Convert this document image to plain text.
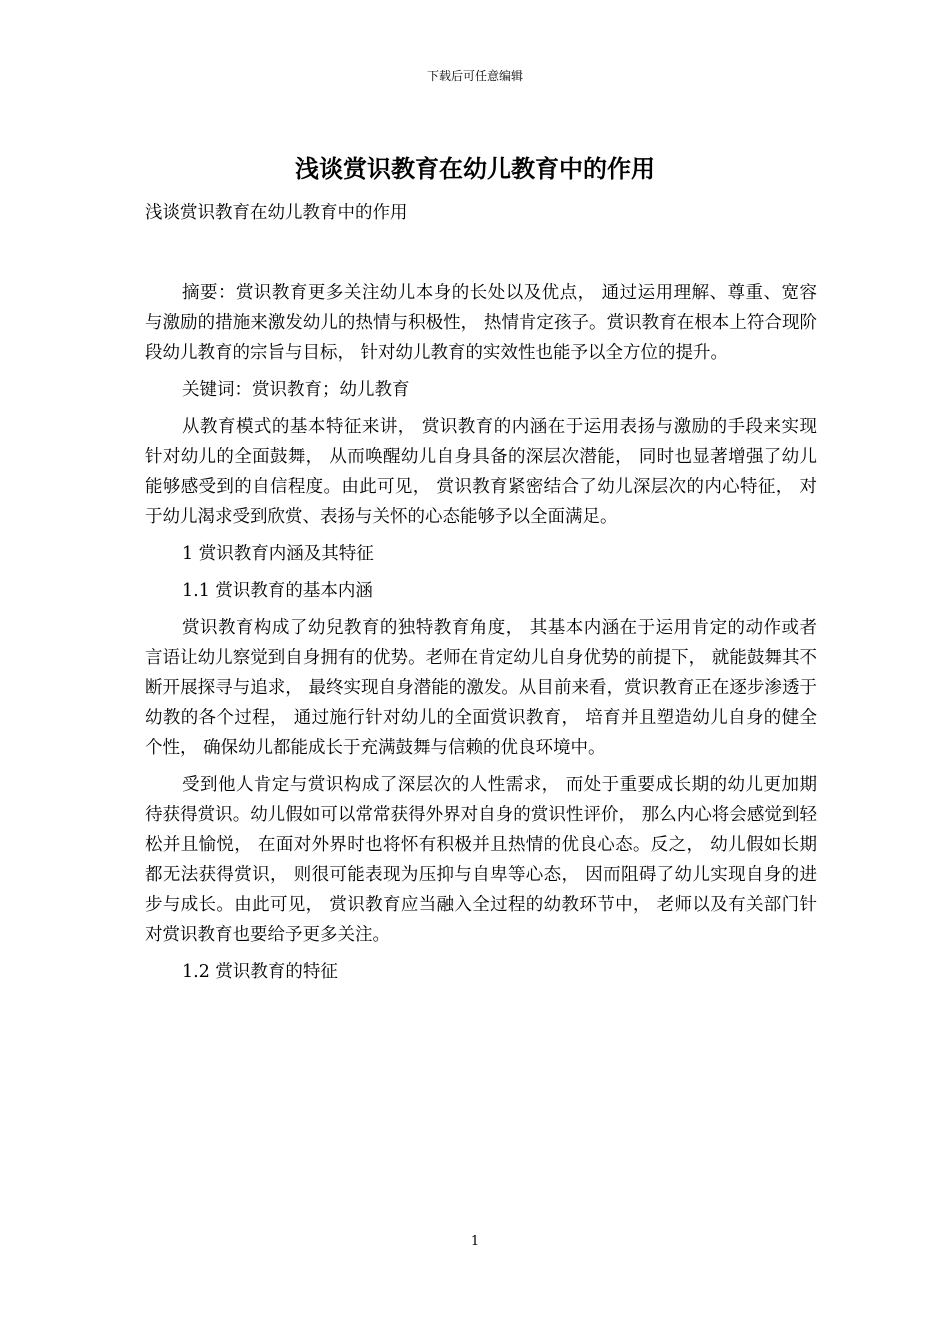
下载后可任意编辑
浅谈赏识教育在幼儿教育中的作用

浅谈赏识教育在幼儿教育中的作用

摘要：赏识教育更多关注幼儿本身的长处以及优点， 通过运用理解、尊重、宽容与激励的措施来激发幼儿的热情与积极性， 热情肯定孩子。赏识教育在根本上符合现阶段幼儿教育的宗旨与目标， 针对幼儿教育的实效性也能予以全方位的提升。

关键词：赏识教育；幼儿教育

从教育模式的基本特征来讲， 赏识教育的内涵在于运用表扬与激励的手段来实现针对幼儿的全面鼓舞， 从而唤醒幼儿自身具备的深层次潜能， 同时也显著增强了幼儿能够感受到的自信程度。由此可见， 赏识教育紧密结合了幼儿深层次的内心特征， 对于幼儿渴求受到欣赏、表扬与关怀的心态能够予以全面满足。

1 赏识教育内涵及其特征

1.1 赏识教育的基本内涵

赏识教育构成了幼兒教育的独特教育角度， 其基本内涵在于运用肯定的动作或者言语让幼儿察觉到自身拥有的优势。老师在肯定幼儿自身优势的前提下， 就能鼓舞其不断开展探寻与追求， 最终实现自身潜能的激发。从目前来看，赏识教育正在逐步渗透于幼教的各个过程， 通过施行针对幼儿的全面赏识教育， 培育并且塑造幼儿自身的健全个性， 确保幼儿都能成长于充满鼓舞与信赖的优良环境中。

受到他人肯定与赏识构成了深层次的人性需求， 而处于重要成长期的幼儿更加期待获得赏识。幼儿假如可以常常获得外界对自身的赏识性评价， 那么内心将会感觉到轻松并且愉悦， 在面对外界时也将怀有积极并且热情的优良心态。反之， 幼儿假如长期都无法获得赏识， 则很可能表现为压抑与自卑等心态， 因而阻碍了幼儿实现自身的进步与成长。由此可见， 赏识教育应当融入全过程的幼教环节中， 老师以及有关部门针对赏识教育也要给予更多关注。

1.2 赏识教育的特征

1
